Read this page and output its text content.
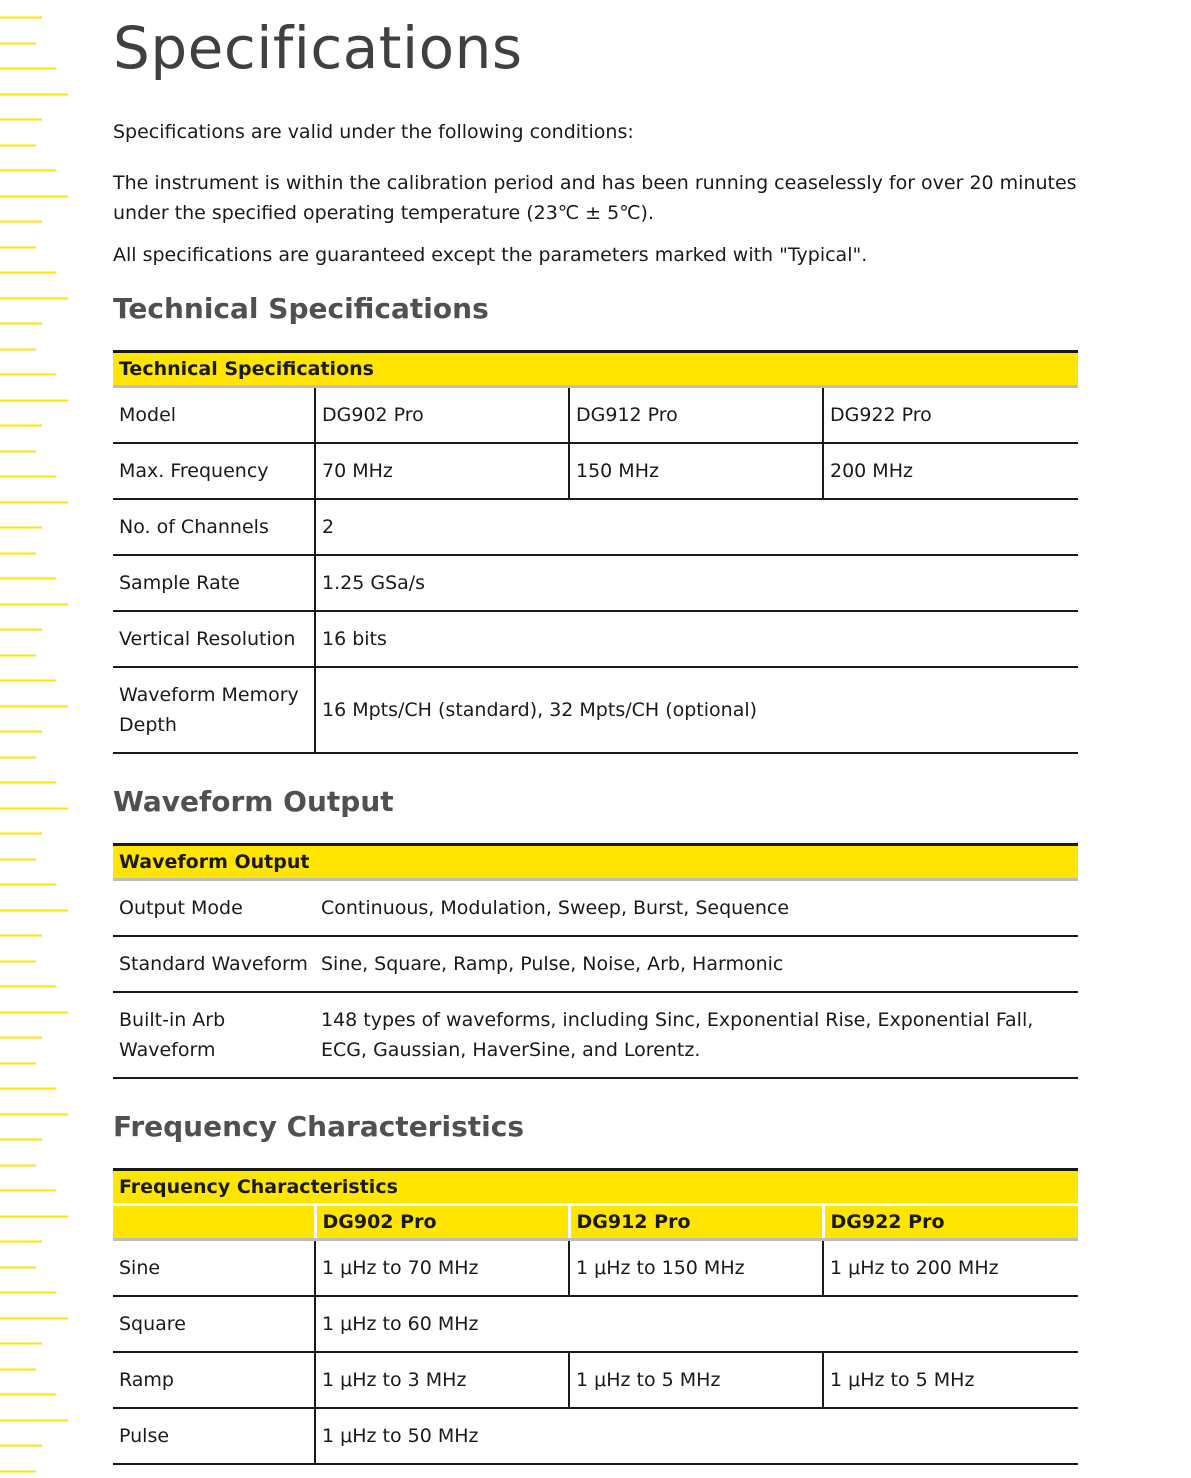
Specifications

Specifications are valid under the following conditions:

The instrument is within the calibration period and has been running ceaselessly for over 20 minutes under the specified operating temperature (23℃ ± 5℃).

All specifications are guaranteed except the parameters marked with "Typical".

Technical Specifications
Technical Specifications			
Model	DG902 Pro	DG912 Pro	DG922 Pro
Max. Frequency	70 MHz	150 MHz	200 MHz
No. of Channels	2		
Sample Rate	1.25 GSa/s		
Vertical Resolution	16 bits		
Waveform Memory Depth	16 Mpts/CH (standard), 32 Mpts/CH (optional)		
Waveform Output
Waveform Output	
Output Mode	Continuous, Modulation, Sweep, Burst, Sequence
Standard Waveform	Sine, Square, Ramp, Pulse, Noise, Arb, Harmonic
Built-in Arb Waveform	148 types of waveforms, including Sinc, Exponential Rise, Exponential Fall, ECG, Gaussian, HaverSine, and Lorentz.
Frequency Characteristics
Frequency Characteristics			
	DG902 Pro	DG912 Pro	DG922 Pro
Sine	1 μHz to 70 MHz	1 μHz to 150 MHz	1 μHz to 200 MHz
Square	1 μHz to 60 MHz		
Ramp	1 μHz to 3 MHz	1 μHz to 5 MHz	1 μHz to 5 MHz
Pulse	1 μHz to 50 MHz		
